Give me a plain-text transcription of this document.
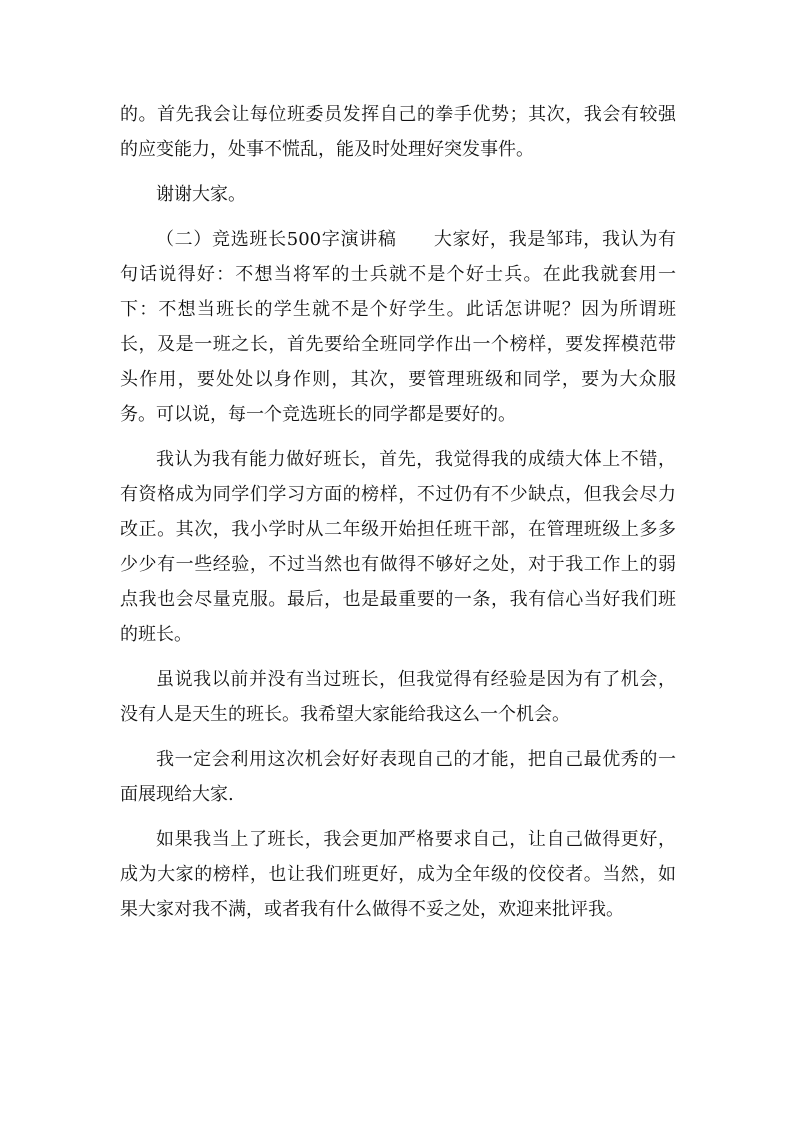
的。首先我会让每位班委员发挥自己的拳手优势；其次，我会有较强的应变能力，处事不慌乱，能及时处理好突发事件。

谢谢大家。

（二）竞选班长500字演讲稿　　大家好，我是邹玮，我认为有句话说得好：不想当将军的士兵就不是个好士兵。在此我就套用一下：不想当班长的学生就不是个好学生。此话怎讲呢？因为所谓班长，及是一班之长，首先要给全班同学作出一个榜样，要发挥模范带头作用，要处处以身作则，其次，要管理班级和同学，要为大众服务。可以说，每一个竞选班长的同学都是要好的。

我认为我有能力做好班长，首先，我觉得我的成绩大体上不错，有资格成为同学们学习方面的榜样，不过仍有不少缺点，但我会尽力改正。其次，我小学时从二年级开始担任班干部，在管理班级上多多少少有一些经验，不过当然也有做得不够好之处，对于我工作上的弱点我也会尽量克服。最后，也是最重要的一条，我有信心当好我们班的班长。

虽说我以前并没有当过班长，但我觉得有经验是因为有了机会，没有人是天生的班长。我希望大家能给我这么一个机会。

我一定会利用这次机会好好表现自己的才能，把自己最优秀的一面展现给大家.

如果我当上了班长，我会更加严格要求自己，让自己做得更好，成为大家的榜样，也让我们班更好，成为全年级的佼佼者。当然，如果大家对我不满，或者我有什么做得不妥之处，欢迎来批评我。
